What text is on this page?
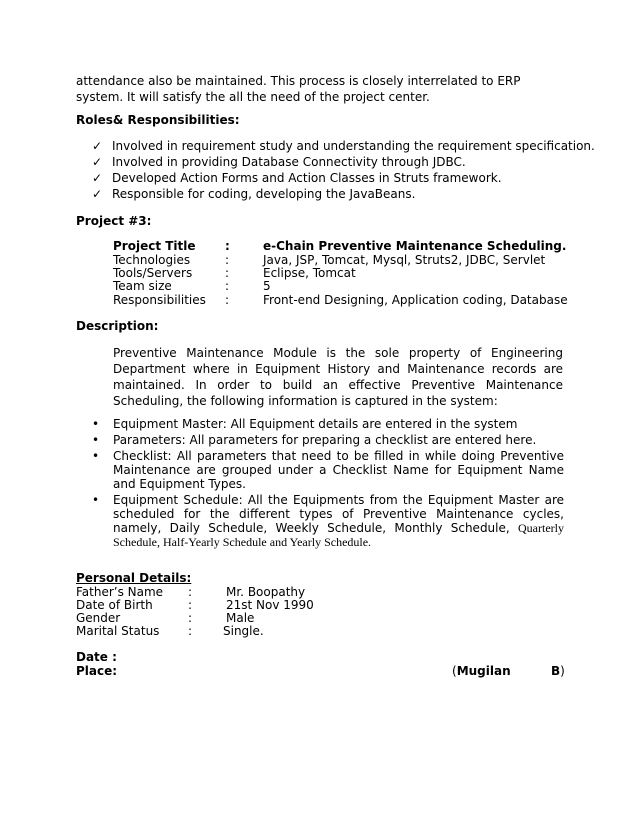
attendance also be maintained. This process is closely interrelated to ERP system. It will satisfy the all the need of the project center.
Roles& Responsibilities:
✓ Involved in requirement study and understanding the requirement specification.
✓ Involved in providing Database Connectivity through JDBC.
✓ Developed Action Forms and Action Classes in Struts framework.
✓ Responsible for coding, developing the JavaBeans.
Project #3:
Project Title :	e-Chain Preventive Maintenance Scheduling.
Technologies	:	Java, JSP, Tomcat, Mysql, Struts2, JDBC, Servlet
Tools/Servers	:	Eclipse, Tomcat
Team size	:	5
Responsibilities :	Front-end Designing, Application coding, Database
Description:
Preventive Maintenance Module is the sole property of Engineering Department where in Equipment History and Maintenance records are maintained. In order to build an effective Preventive Maintenance Scheduling, the following information is captured in the system:
• Equipment Master: All Equipment details are entered in the system
• Parameters: All parameters for preparing a checklist are entered here.
• Checklist: All parameters that need to be filled in while doing Preventive Maintenance are grouped under a Checklist Name for Equipment Name and Equipment Types.
• Equipment Schedule: All the Equipments from the Equipment Master are scheduled for the different types of Preventive Maintenance cycles, namely, Daily Schedule, Weekly Schedule, Monthly Schedule, Quarterly Schedule, Half-Yearly Schedule and Yearly Schedule.
Personal Details:
Father’s Name :	Mr. Boopathy
Date of Birth	:	21st Nov 1990
Gender	:	Male
Marital Status :	Single.
Date :
Place:	(Mugilan	B)
